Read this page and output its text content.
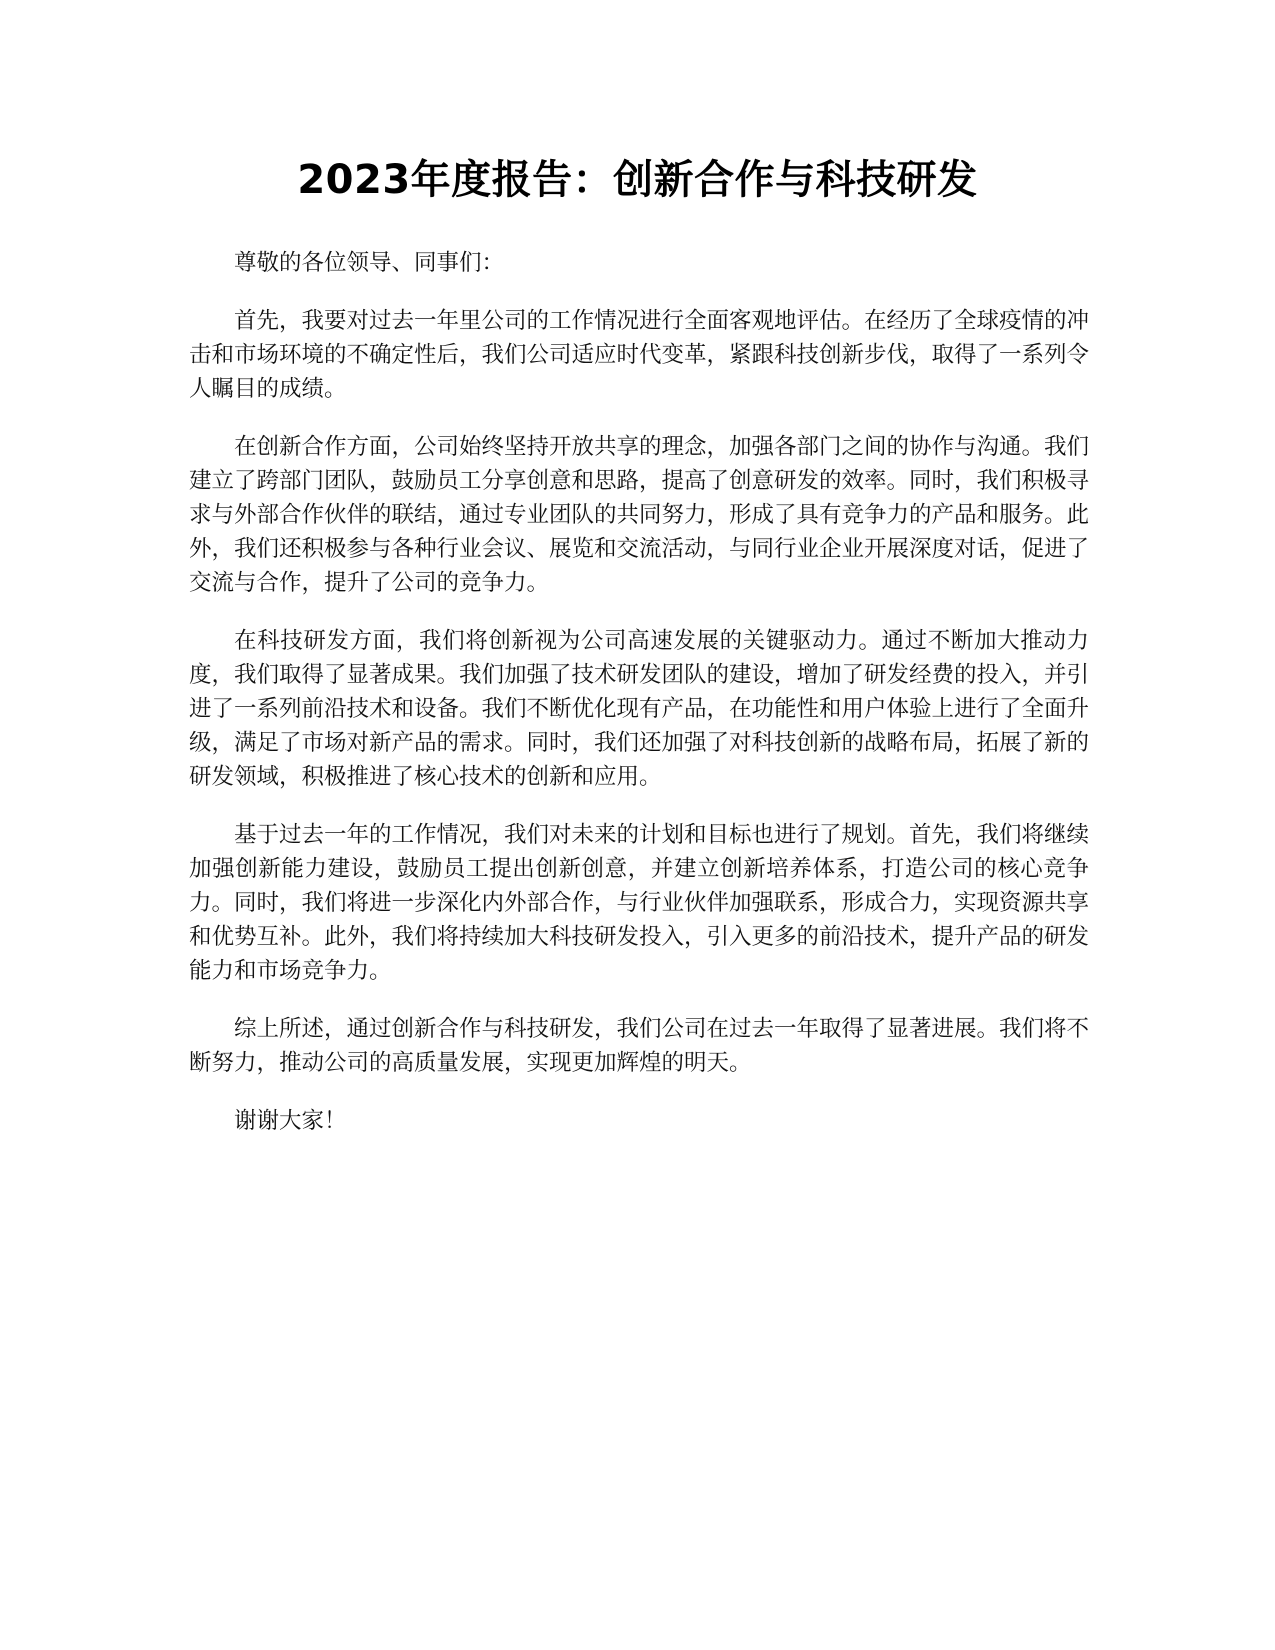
2023年度报告：创新合作与科技研发

尊敬的各位领导、同事们：

首先，我要对过去一年里公司的工作情况进行全面客观地评估。在经历了全球疫情的冲击和市场环境的不确定性后，我们公司适应时代变革，紧跟科技创新步伐，取得了一系列令人瞩目的成绩。

在创新合作方面，公司始终坚持开放共享的理念，加强各部门之间的协作与沟通。我们建立了跨部门团队，鼓励员工分享创意和思路，提高了创意研发的效率。同时，我们积极寻求与外部合作伙伴的联结，通过专业团队的共同努力，形成了具有竞争力的产品和服务。此外，我们还积极参与各种行业会议、展览和交流活动，与同行业企业开展深度对话，促进了交流与合作，提升了公司的竞争力。

在科技研发方面，我们将创新视为公司高速发展的关键驱动力。通过不断加大推动力度，我们取得了显著成果。我们加强了技术研发团队的建设，增加了研发经费的投入，并引进了一系列前沿技术和设备。我们不断优化现有产品，在功能性和用户体验上进行了全面升级，满足了市场对新产品的需求。同时，我们还加强了对科技创新的战略布局，拓展了新的研发领域，积极推进了核心技术的创新和应用。

基于过去一年的工作情况，我们对未来的计划和目标也进行了规划。首先，我们将继续加强创新能力建设，鼓励员工提出创新创意，并建立创新培养体系，打造公司的核心竞争力。同时，我们将进一步深化内外部合作，与行业伙伴加强联系，形成合力，实现资源共享和优势互补。此外，我们将持续加大科技研发投入，引入更多的前沿技术，提升产品的研发能力和市场竞争力。

综上所述，通过创新合作与科技研发，我们公司在过去一年取得了显著进展。我们将不断努力，推动公司的高质量发展，实现更加辉煌的明天。

谢谢大家！
